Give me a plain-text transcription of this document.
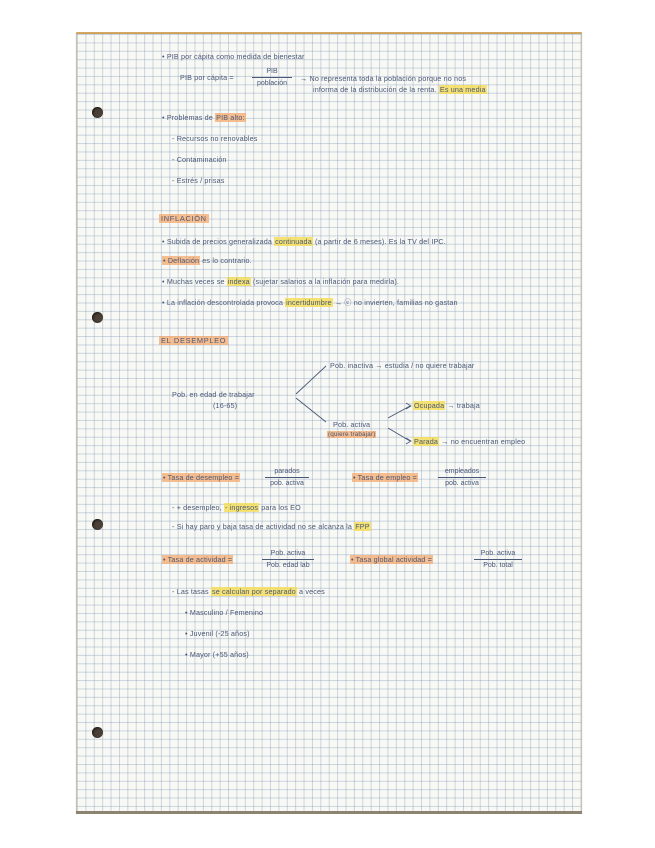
• PIB por cápita como medida de bienestar
PIB por cápita =
PIB
población
→ No representa toda la población porque no nos
informa de la distribución de la renta. Es una media
• Problemas de PIB alto:
- Recursos no renovables
- Contaminación
- Estrés / prisas
INFLACIÓN
• Subida de precios generalizada continuada (a partir de 6 meses). Es la TV del IPC.
• Deflación es lo contrario.
• Muchas veces se indexa (sujetar salarios a la inflación para medirla).
• La inflación descontrolada provoca incertidumbre → ⓔ no invierten, familias no gastan
EL DESEMPLEO
Pob. en edad de trabajar
(16-65)
Pob. inactiva → estudia / no quiere trabajar
Pob. activa
(quiere trabajar)
Ocupada → trabaja
Parada → no encuentran empleo
• Tasa de desempleo =
parados
pob. activa
• Tasa de empleo =
empleados
pob. activa
- + desempleo, - ingresos para los EO
- Si hay paro y baja tasa de actividad no se alcanza la FPP
• Tasa de actividad =
Pob. activa
Pob. edad lab
• Tasa global actividad =
Pob. activa
Pob. total
- Las tasas se calculan por separado a veces
• Masculino / Femenino
• Juvenil (-25 años)
• Mayor (+55 años)
